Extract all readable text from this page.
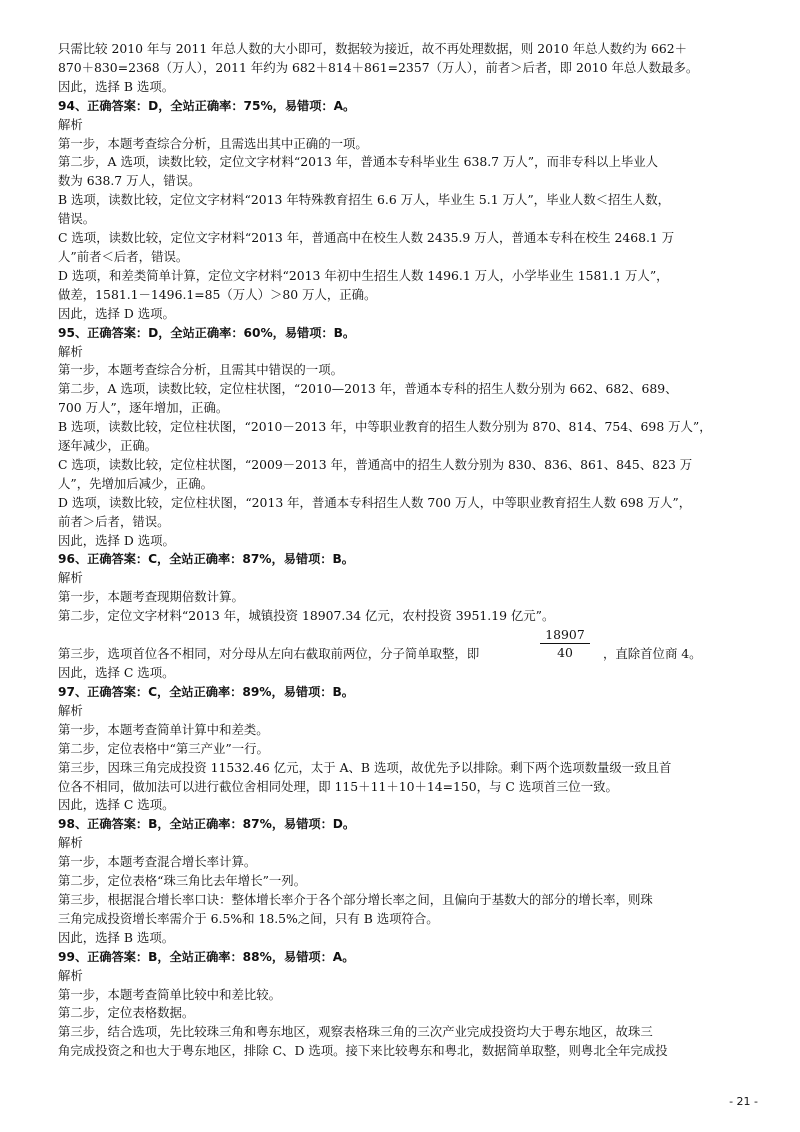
只需比较 2010 年与 2011 年总人数的大小即可，数据较为接近，故不再处理数据，则 2010 年总人数约为 662＋
870＋830=2368（万人），2011 年约为 682＋814＋861=2357（万人），前者＞后者，即 2010 年总人数最多。
因此，选择 B 选项。
94、正确答案：D，全站正确率：75%，易错项：A。
解析
第一步，本题考查综合分析，且需选出其中正确的一项。
第二步，A 选项，读数比较，定位文字材料“2013 年，普通本专科毕业生 638.7 万人”，而非专科以上毕业人
数为 638.7 万人，错误。
B 选项，读数比较，定位文字材料“2013 年特殊教育招生 6.6 万人，毕业生 5.1 万人”，毕业人数＜招生人数，
错误。
C 选项，读数比较，定位文字材料“2013 年，普通高中在校生人数 2435.9 万人，普通本专科在校生 2468.1 万
人”前者＜后者，错误。
D 选项，和差类简单计算，定位文字材料“2013 年初中生招生人数 1496.1 万人，小学毕业生 1581.1 万人”，
做差，1581.1－1496.1=85（万人）＞80 万人，正确。
因此，选择 D 选项。
95、正确答案：D，全站正确率：60%，易错项：B。
解析
第一步，本题考查综合分析，且需其中错误的一项。
第二步，A 选项，读数比较，定位柱状图，“2010—2013 年，普通本专科的招生人数分别为 662、682、689、
700 万人”，逐年增加，正确。
B 选项，读数比较，定位柱状图，“2010－2013 年，中等职业教育的招生人数分别为 870、814、754、698 万人”，
逐年减少，正确。
C 选项，读数比较，定位柱状图，“2009－2013 年，普通高中的招生人数分别为 830、836、861、845、823 万
人”，先增加后减少，正确。
D 选项，读数比较，定位柱状图，“2013 年，普通本专科招生人数 700 万人，中等职业教育招生人数 698 万人”，
前者＞后者，错误。
因此，选择 D 选项。
96、正确答案：C，全站正确率：87%，易错项：B。
解析
第一步，本题考查现期倍数计算。
第二步，定位文字材料“2013 年，城镇投资 18907.34 亿元，农村投资 3951.19 亿元”。
第三步，选项首位各不相同，对分母从左向右截取前两位，分子简单取整，即	$\frac{18907}{40}$ ，直除首位商 4。
因此，选择 C 选项。
97、正确答案：C，全站正确率：89%，易错项：B。
解析
第一步，本题考查简单计算中和差类。
第二步，定位表格中“第三产业”一行。
第三步，因珠三角完成投资 11532.46 亿元，太于 A、B 选项，故优先予以排除。剩下两个选项数量级一致且首
位各不相同，做加法可以进行截位舍相同处理，即 115＋11＋10＋14=150，与 C 选项首三位一致。
因此，选择 C 选项。
98、正确答案：B，全站正确率：87%，易错项：D。
解析
第一步，本题考查混合增长率计算。
第二步，定位表格“珠三角比去年增长”一列。
第三步，根据混合增长率口诀：整体增长率介于各个部分增长率之间，且偏向于基数大的部分的增长率，则珠
三角完成投资增长率需介于 6.5%和 18.5%之间，只有 B 选项符合。
因此，选择 B 选项。
99、正确答案：B，全站正确率：88%，易错项：A。
解析
第一步，本题考查简单比较中和差比较。
第二步，定位表格数据。
第三步，结合选项，先比较珠三角和粤东地区，观察表格珠三角的三次产业完成投资均大于粤东地区，故珠三
角完成投资之和也大于粤东地区，排除 C、D 选项。接下来比较粤东和粤北，数据简单取整，则粤北全年完成投
- 21 -
